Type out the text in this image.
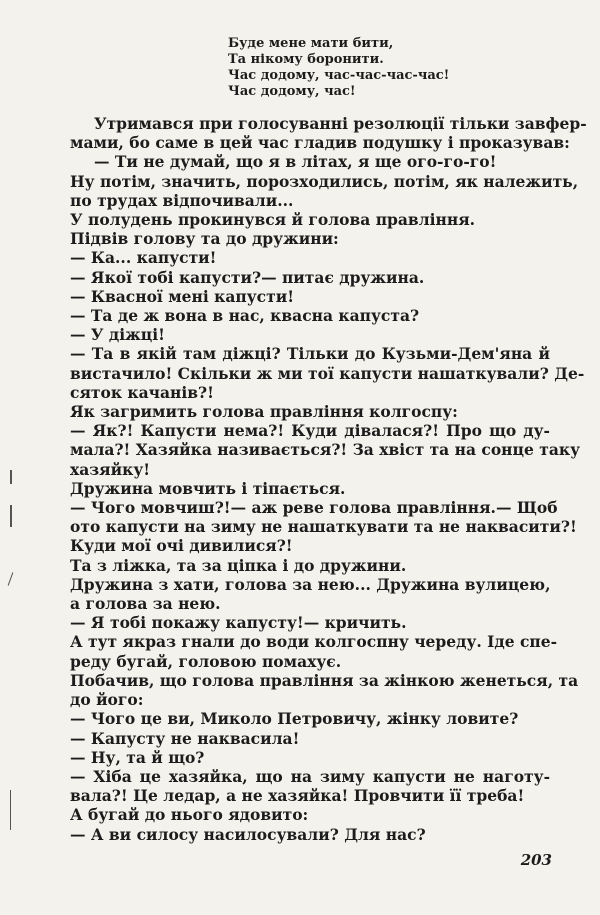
Буде мене мати бити,
Та нікому боронити.
Час додому, час-час-час-час!
Час додому, час!
Утримався при голосуванні резолюції тільки завфер-
мами, бо саме в цей час гладив подушку і проказував:
— Ти не думай, що я в літах, я ще ого-го-го!
Ну потім, значить, порозходились, потім, як належить,
по трудах відпочивали...
У полудень прокинувся й голова правління.
Підвів голову та до дружини:
— Ка... капусти!
— Якої тобі капусти?— питає дружина.
— Квасної мені капусти!
— Та де ж вона в нас, квасна капуста?
— У діжці!
— Та в якій там діжці? Тільки до Кузьми-Дем'яна й
вистачило! Скільки ж ми тої капусти нашаткували? Де-
сяток качанів?!
Як загримить голова правління колгоспу:
— Як?! Капусти нема?! Куди дівалася?! Про що ду-
мала?! Хазяйка називається?! За хвіст та на сонце таку
хазяйку!
Дружина мовчить і тіпається.
— Чого мовчиш?!— аж реве голова правління.— Щоб
ото капусти на зиму не нашаткувати та не наквасити?!
Куди мої очі дивилися?!
Та з ліжка, та за ціпка і до дружини.
Дружина з хати, голова за нею... Дружина вулицею,
а голова за нею.
— Я тобі покажу капусту!— кричить.
А тут якраз гнали до води колгоспну череду. Іде спе-
реду бугай, головою помахує.
Побачив, що голова правління за жінкою женеться, та
до його:
— Чого це ви, Миколо Петровичу, жінку ловите?
— Капусту не наквасила!
— Ну, та й що?
— Хіба це хазяйка, що на зиму капусти не наготу-
вала?! Це ледар, а не хазяйка! Провчити її треба!
А бугай до нього ядовито:
— А ви силосу насилосували? Для нас?
203
